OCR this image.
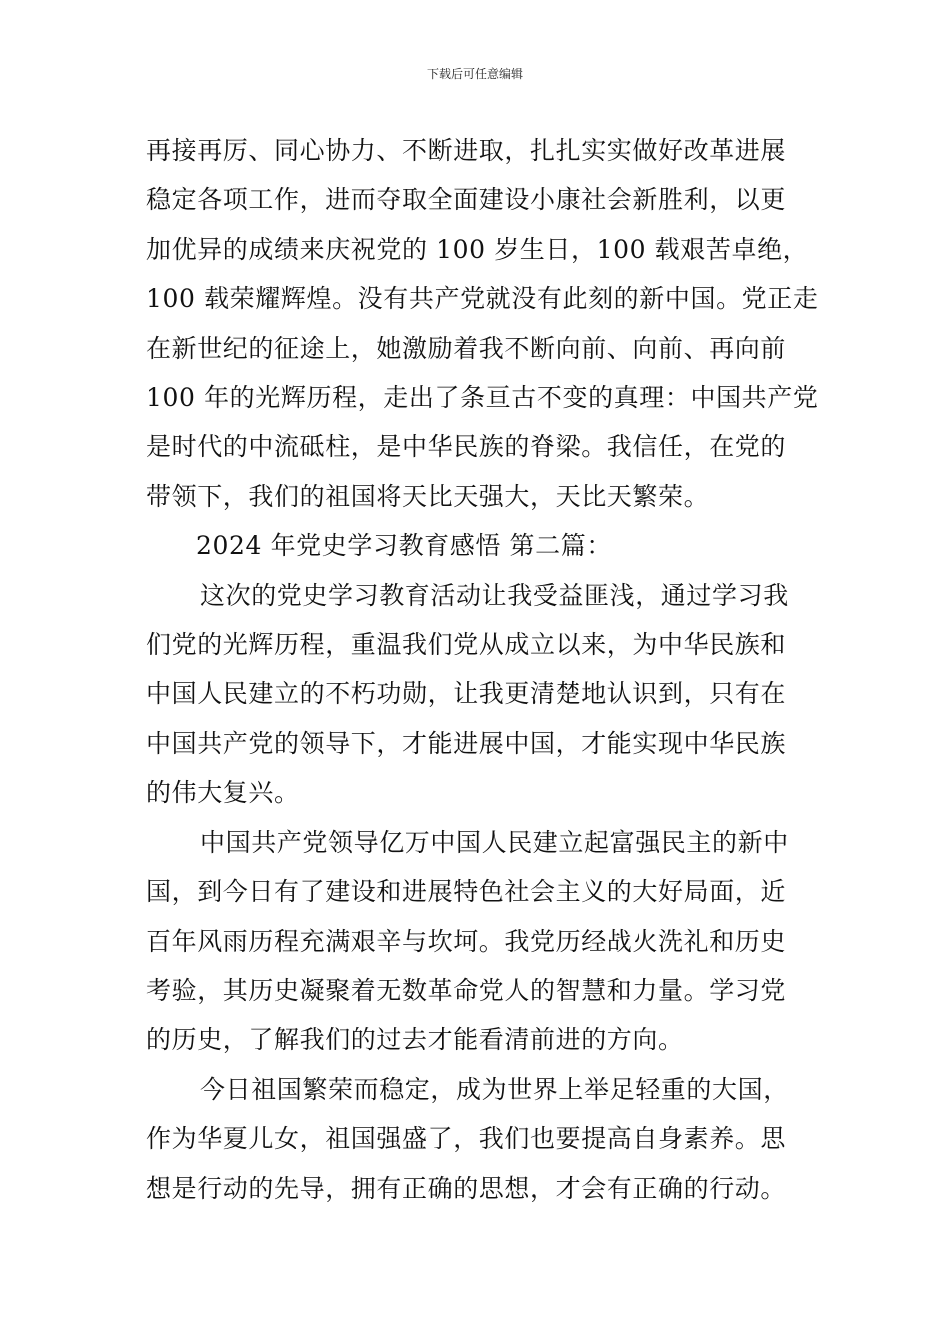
下载后可任意编辑
再接再厉、同心协力、不断进取，扎扎实实做好改革进展
稳定各项工作，进而夺取全面建设小康社会新胜利，以更
加优异的成绩来庆祝党的 100 岁生日，100 载艰苦卓绝，
100 载荣耀辉煌。没有共产党就没有此刻的新中国。党正走
在新世纪的征途上，她激励着我不断向前、向前、再向前
100 年的光辉历程，走出了条亘古不变的真理：中国共产党
是时代的中流砥柱，是中华民族的脊梁。我信任，在党的
带领下，我们的祖国将天比天强大，天比天繁荣。
2024 年党史学习教育感悟 第二篇：
这次的党史学习教育活动让我受益匪浅，通过学习我
们党的光辉历程，重温我们党从成立以来，为中华民族和
中国人民建立的不朽功勋，让我更清楚地认识到，只有在
中国共产党的领导下，才能进展中国，才能实现中华民族
的伟大复兴。
中国共产党领导亿万中国人民建立起富强民主的新中
国，到今日有了建设和进展特色社会主义的大好局面，近
百年风雨历程充满艰辛与坎坷。我党历经战火洗礼和历史
考验，其历史凝聚着无数革命党人的智慧和力量。学习党
的历史，了解我们的过去才能看清前进的方向。
今日祖国繁荣而稳定，成为世界上举足轻重的大国，
作为华夏儿女，祖国强盛了，我们也要提高自身素养。思
想是行动的先导，拥有正确的思想，才会有正确的行动。
